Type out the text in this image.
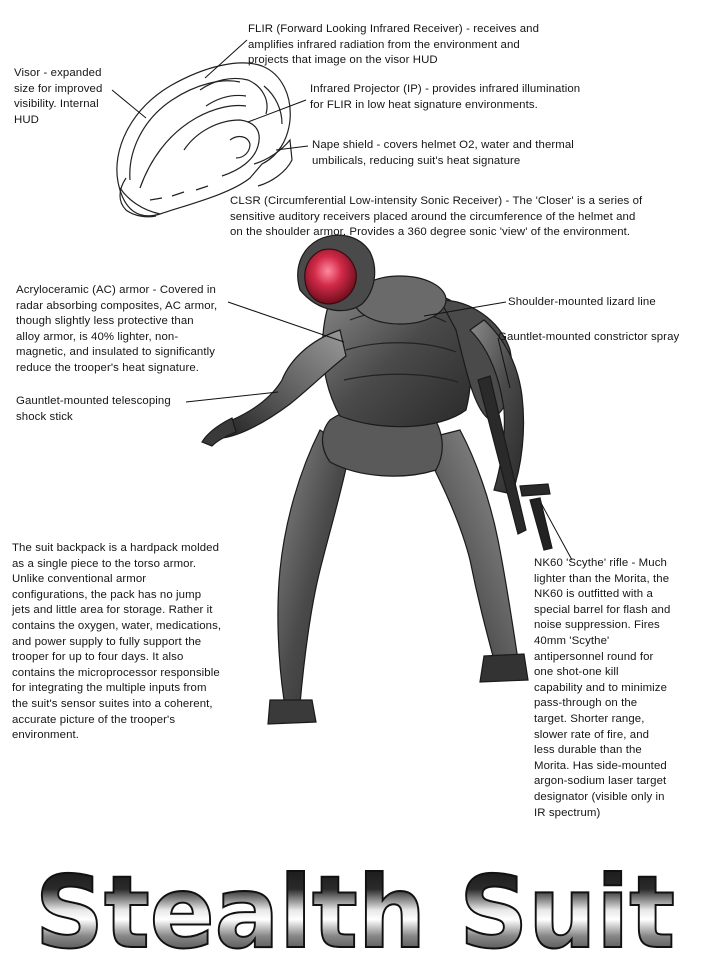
FLIR (Forward Looking Infrared Receiver) - receives and
amplifies infrared radiation from the environment and
projects that image on the visor HUD
Visor - expanded
size for improved
visibility. Internal
HUD
Infrared Projector (IP) - provides infrared illumination
for FLIR in low heat signature environments.
Nape shield - covers helmet O2, water and thermal
umbilicals, reducing suit's heat signature
CLSR (Circumferential Low-intensity Sonic Receiver) - The 'Closer' is a series of
sensitive auditory receivers placed around the circumference of the helmet and
on the shoulder armor. Provides a 360 degree sonic 'view' of the environment.
Acryloceramic (AC) armor - Covered in
radar absorbing composites, AC armor,
though slightly less protective than
alloy armor, is 40% lighter, non-
magnetic, and insulated to significantly
reduce the trooper's heat signature.
Shoulder-mounted lizard line
Gauntlet-mounted constrictor spray
Gauntlet-mounted telescoping
shock stick
The suit backpack is a hardpack molded
as a single piece to the torso armor.
Unlike conventional armor
configurations, the pack has no jump
jets and little area for storage. Rather it
contains the oxygen, water, medications,
and power supply to fully support the
trooper for up to four days. It also
contains the microprocessor responsible
for integrating the multiple inputs from
the suit's sensor suites into a coherent,
accurate picture of the trooper's
environment.
NK60 'Scythe' rifle - Much
lighter than the Morita, the
NK60 is outfitted with a
special barrel for flash and
noise suppression. Fires
40mm 'Scythe'
antipersonnel round for
one shot-one kill
capability and to minimize
pass-through on the
target. Shorter range,
slower rate of fire, and
less durable than the
Morita. Has side-mounted
argon-sodium laser target
designator (visible only in
IR spectrum)
Stealth Suit
